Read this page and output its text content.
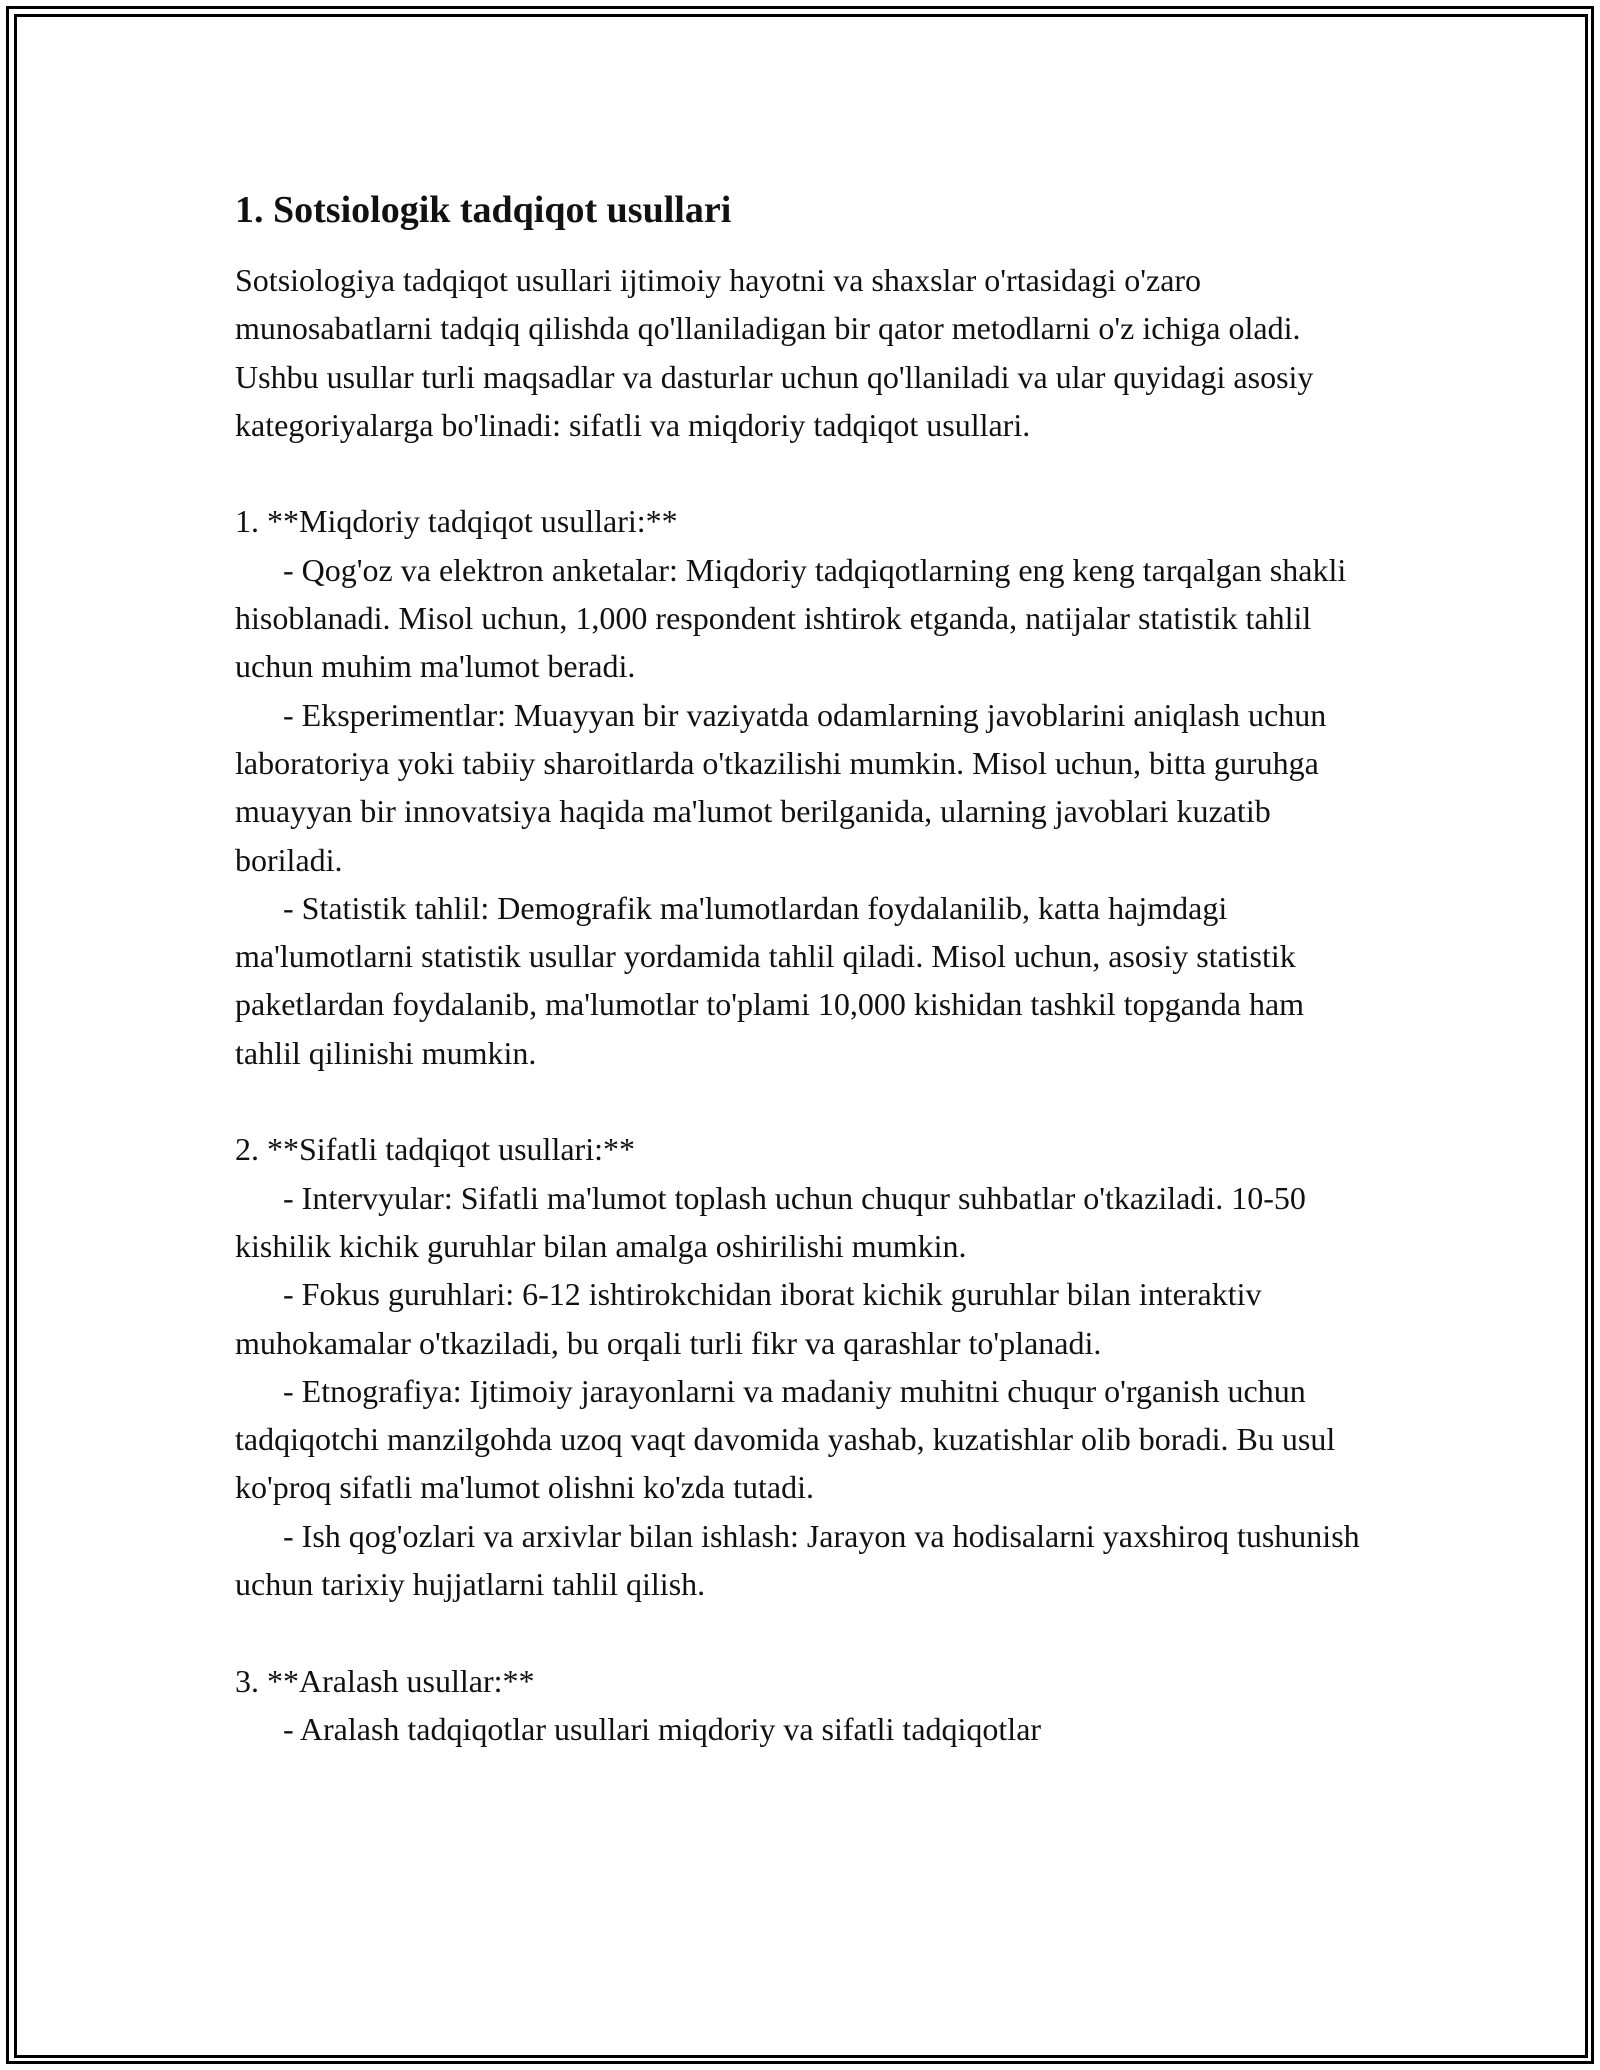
1. Sotsiologik tadqiqot usullari

Sotsiologiya tadqiqot usullari ijtimoiy hayotni va shaxslar o'rtasidagi o'zaro munosabatlarni tadqiq qilishda qo'llaniladigan bir qator metodlarni o'z ichiga oladi. Ushbu usullar turli maqsadlar va dasturlar uchun qo'llaniladi va ular quyidagi asosiy kategoriyalarga bo'linadi: sifatli va miqdoriy tadqiqot usullari.

1. **Miqdoriy tadqiqot usullari:**

- Qog'oz va elektron anketalar: Miqdoriy tadqiqotlarning eng keng tarqalgan shakli hisoblanadi. Misol uchun, 1,000 respondent ishtirok etganda, natijalar statistik tahlil uchun muhim ma'lumot beradi.

- Eksperimentlar: Muayyan bir vaziyatda odamlarning javoblarini aniqlash uchun laboratoriya yoki tabiiy sharoitlarda o'tkazilishi mumkin. Misol uchun, bitta guruhga muayyan bir innovatsiya haqida ma'lumot berilganida, ularning javoblari kuzatib boriladi.

- Statistik tahlil: Demografik ma'lumotlardan foydalanilib, katta hajmdagi ma'lumotlarni statistik usullar yordamida tahlil qiladi. Misol uchun, asosiy statistik paketlardan foydalanib, ma'lumotlar to'plami 10,000 kishidan tashkil topganda ham tahlil qilinishi mumkin.

2. **Sifatli tadqiqot usullari:**

- Intervyular: Sifatli ma'lumot toplash uchun chuqur suhbatlar o'tkaziladi. 10-50 kishilik kichik guruhlar bilan amalga oshirilishi mumkin.

- Fokus guruhlari: 6-12 ishtirokchidan iborat kichik guruhlar bilan interaktiv muhokamalar o'tkaziladi, bu orqali turli fikr va qarashlar to'planadi.

- Etnografiya: Ijtimoiy jarayonlarni va madaniy muhitni chuqur o'rganish uchun tadqiqotchi manzilgohda uzoq vaqt davomida yashab, kuzatishlar olib boradi. Bu usul ko'proq sifatli ma'lumot olishni ko'zda tutadi.

- Ish qog'ozlari va arxivlar bilan ishlash: Jarayon va hodisalarni yaxshiroq tushunish uchun tarixiy hujjatlarni tahlil qilish.

3. **Aralash usullar:**

- Aralash tadqiqotlar usullari miqdoriy va sifatli tadqiqotlar
